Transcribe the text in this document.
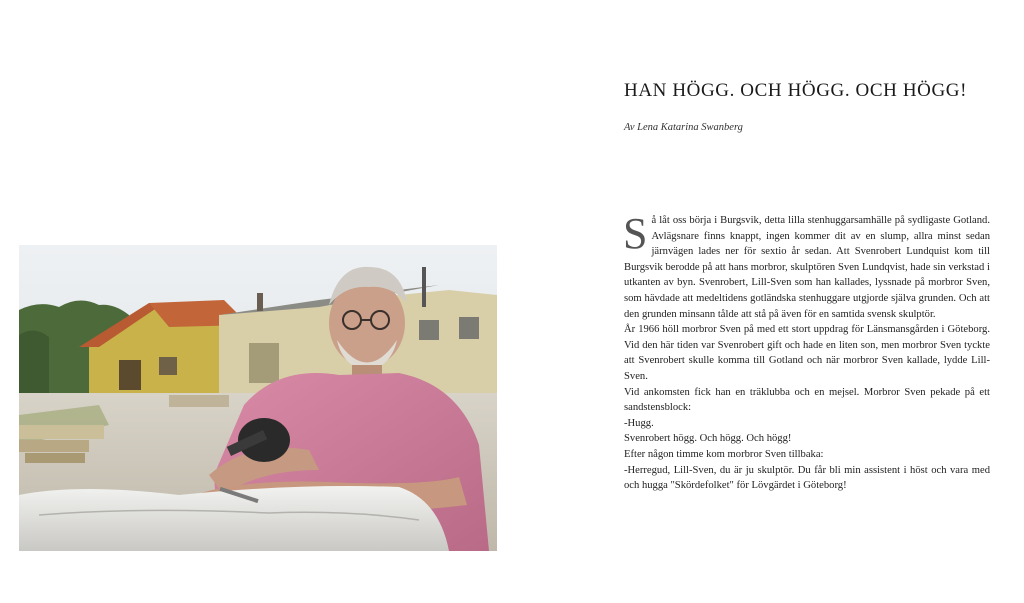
HAN HÖGG. OCH HÖGG. OCH HÖGG!
Av Lena Katarina Swanberg

Så låt oss börja i Burgsvik, detta lilla stenhuggarsamhälle på sydligaste Gotland. Avlägsnare finns knappt, ingen kommer dit av en slump, allra minst sedan järnvägen lades ner för sextio år sedan. Att Svenrobert Lundquist kom till Burgsvik berodde på att hans morbror, skulptören Sven Lundqvist, hade sin verkstad i utkanten av byn. Svenrobert, Lill-Sven som han kallades, lyssnade på morbror Sven, som hävdade att medeltidens gotländska stenhuggare utgjorde själva grunden. Och att den grunden minsann tålde att stå på även för en samtida svensk skulptör.

År 1966 höll morbror Sven på med ett stort uppdrag för Länsmansgården i Göteborg. Vid den här tiden var Svenrobert gift och hade en liten son, men morbror Sven tyckte att Svenrobert skulle komma till Gotland och när morbror Sven kallade, lydde Lill-Sven.

Vid ankomsten fick han en träklubba och en mejsel. Morbror Sven pekade på ett sandstensblock:

-Hugg.

Svenrobert högg. Och högg. Och högg!

Efter någon timme kom morbror Sven tillbaka:

-Herregud, Lill-Sven, du är ju skulptör. Du får bli min assistent i höst och vara med och hugga "Skördefolket" för Lövgärdet i Göteborg!
